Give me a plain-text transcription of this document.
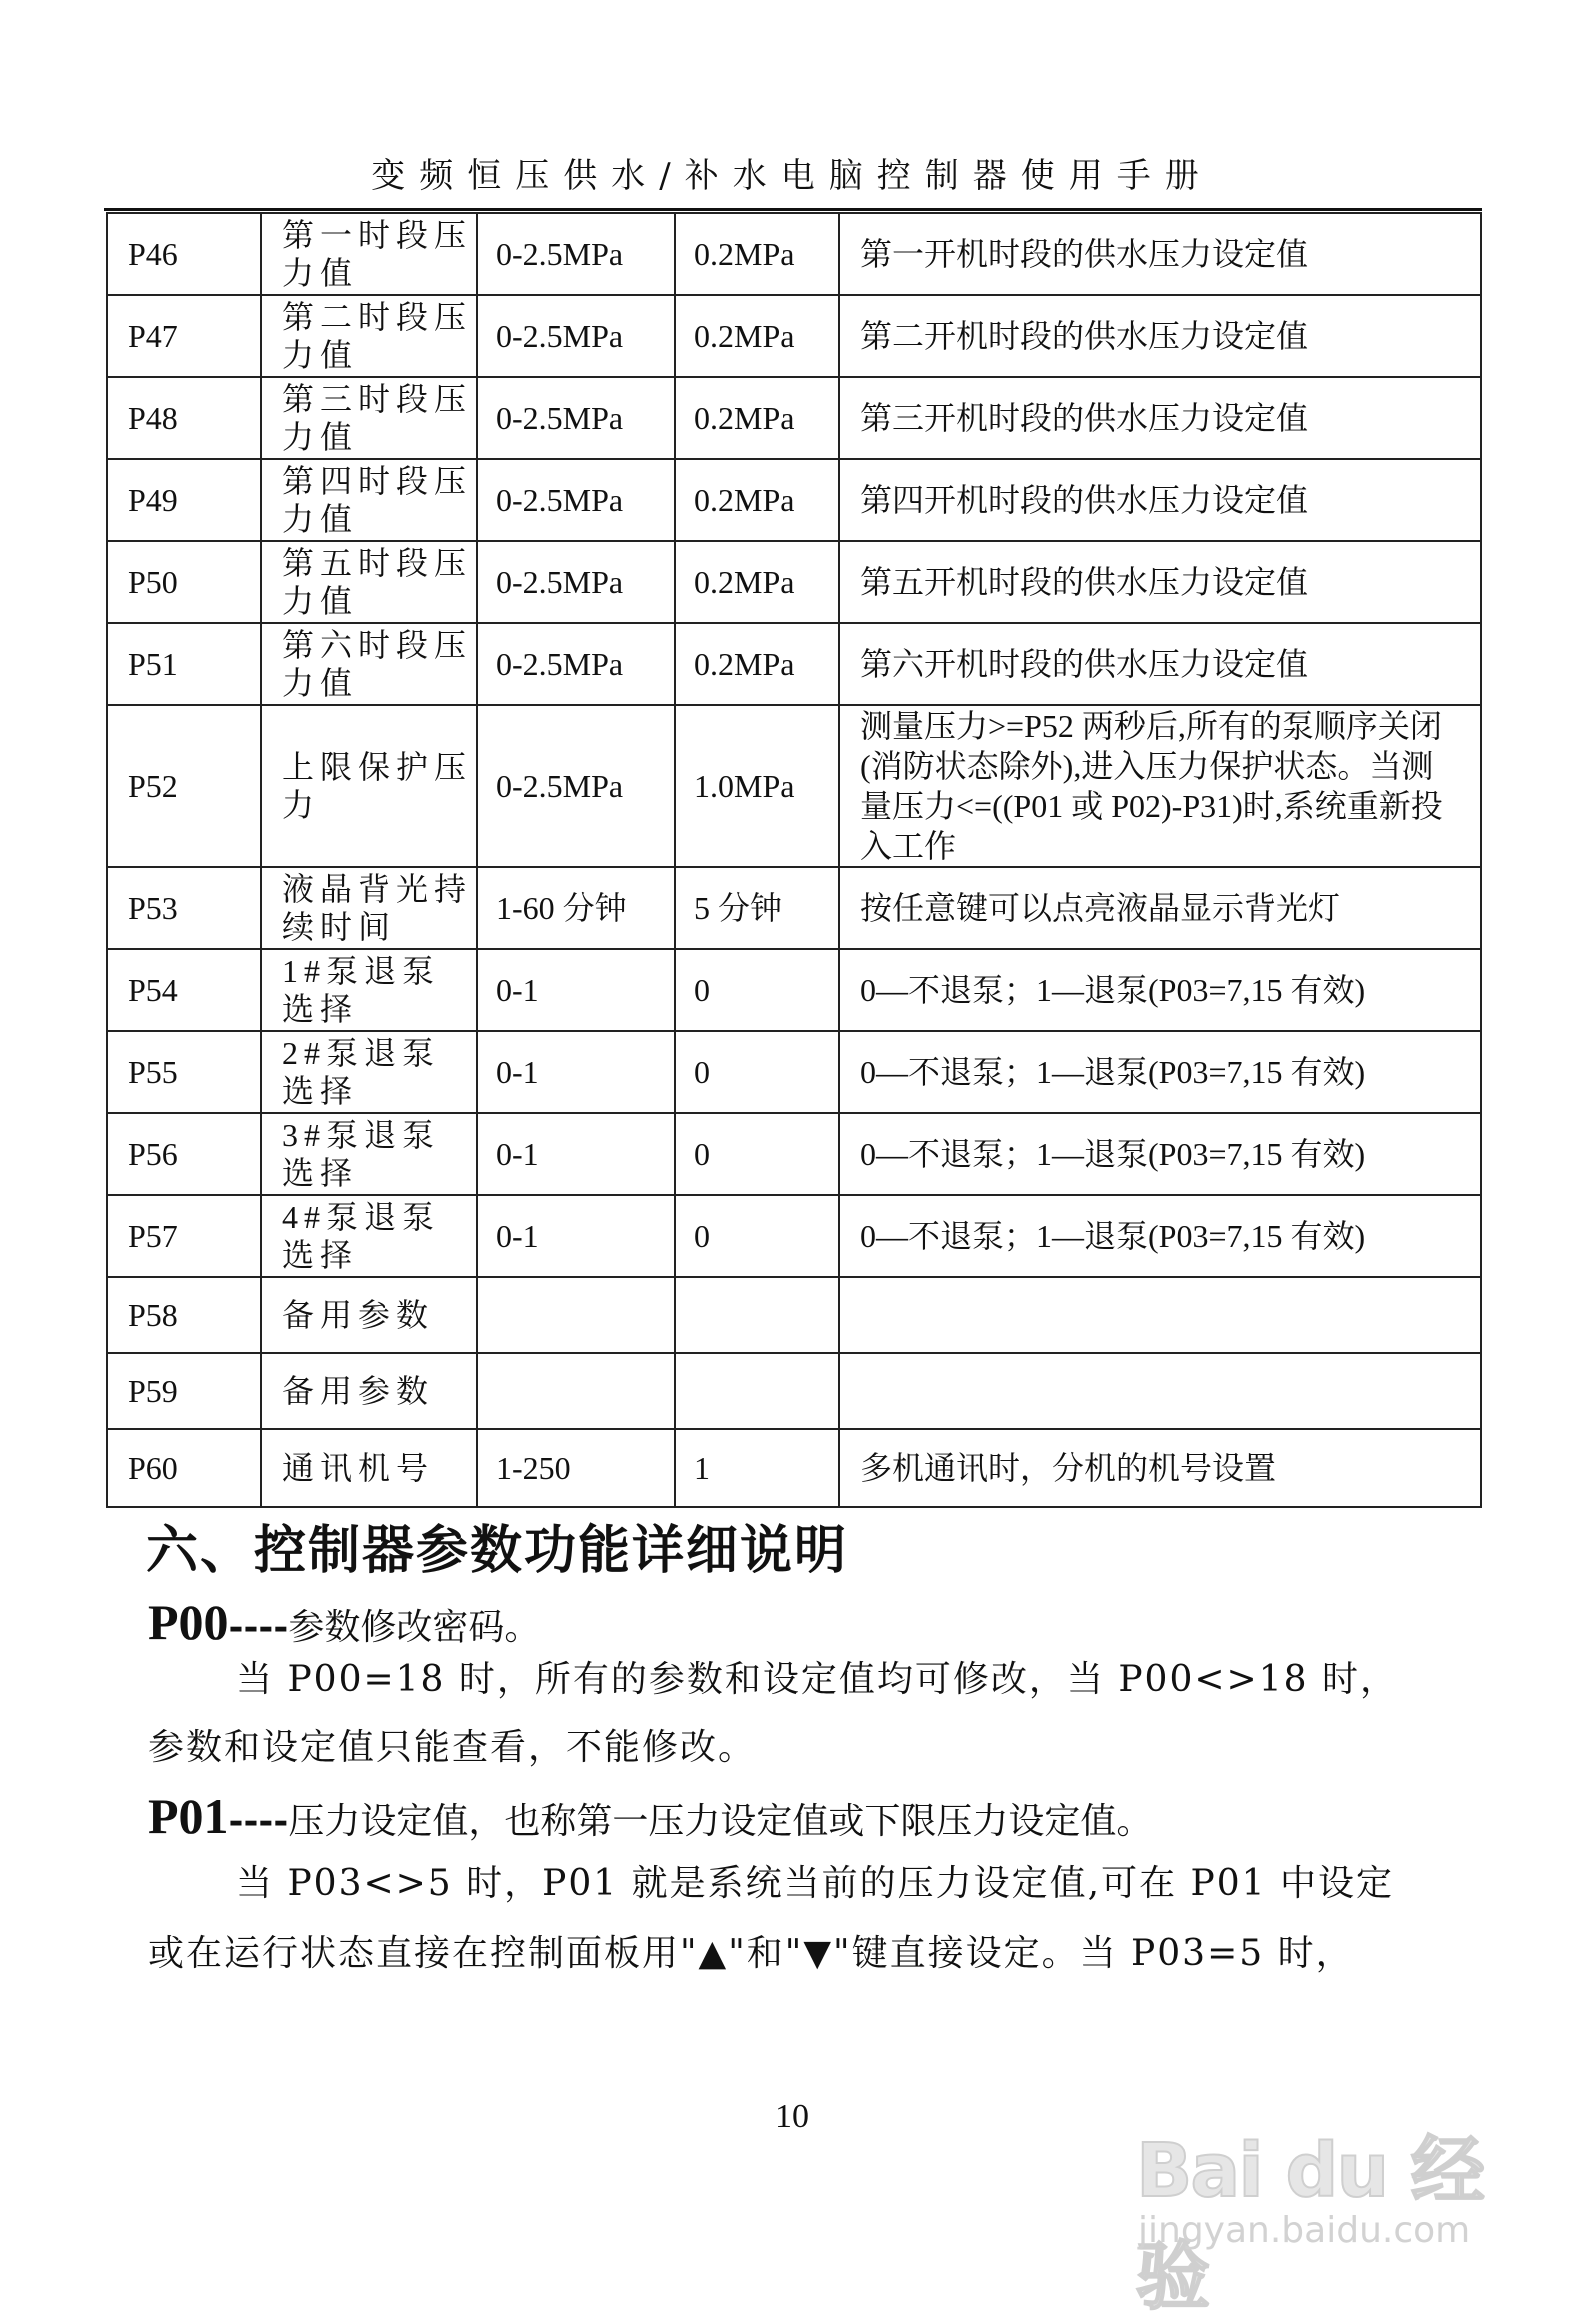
变频恒压供水/补水电脑控制器使用手册
P46	第一时段压力值	0-2.5MPa	0.2MPa	第一开机时段的供水压力设定值
P47	第二时段压力值	0-2.5MPa	0.2MPa	第二开机时段的供水压力设定值
P48	第三时段压力值	0-2.5MPa	0.2MPa	第三开机时段的供水压力设定值
P49	第四时段压力值	0-2.5MPa	0.2MPa	第四开机时段的供水压力设定值
P50	第五时段压力值	0-2.5MPa	0.2MPa	第五开机时段的供水压力设定值
P51	第六时段压力值	0-2.5MPa	0.2MPa	第六开机时段的供水压力设定值
P52	上限保护压力	0-2.5MPa	1.0MPa	测量压力>=P52 两秒后,所有的泵顺序关闭(消防状态除外),进入压力保护状态。当测量压力<=((P01 或 P02)-P31)时,系统重新投入工作
P53	液晶背光持续时间	1-60 分钟	5 分钟	按任意键可以点亮液晶显示背光灯
P54	1#泵退泵选择	0-1	0	0—不退泵；1—退泵(P03=7,15 有效)
P55	2#泵退泵选择	0-1	0	0—不退泵；1—退泵(P03=7,15 有效)
P56	3#泵退泵选择	0-1	0	0—不退泵；1—退泵(P03=7,15 有效)
P57	4#泵退泵选择	0-1	0	0—不退泵；1—退泵(P03=7,15 有效)
P58	备用参数			
P59	备用参数			
P60	通讯机号	1-250	1	多机通讯时，分机的机号设置
六、控制器参数功能详细说明
P00----参数修改密码。
当 P00=18 时，所有的参数和设定值均可修改，当 P00<>18 时，
参数和设定值只能查看，不能修改。
P01----压力设定值，也称第一压力设定值或下限压力设定值。
当 P03<>5 时，P01 就是系统当前的压力设定值,可在 P01 中设定
或在运行状态直接在控制面板用"▲"和"▼"键直接设定。当 P03=5 时，
10
Bai du 经验
jingyan.baidu.com
